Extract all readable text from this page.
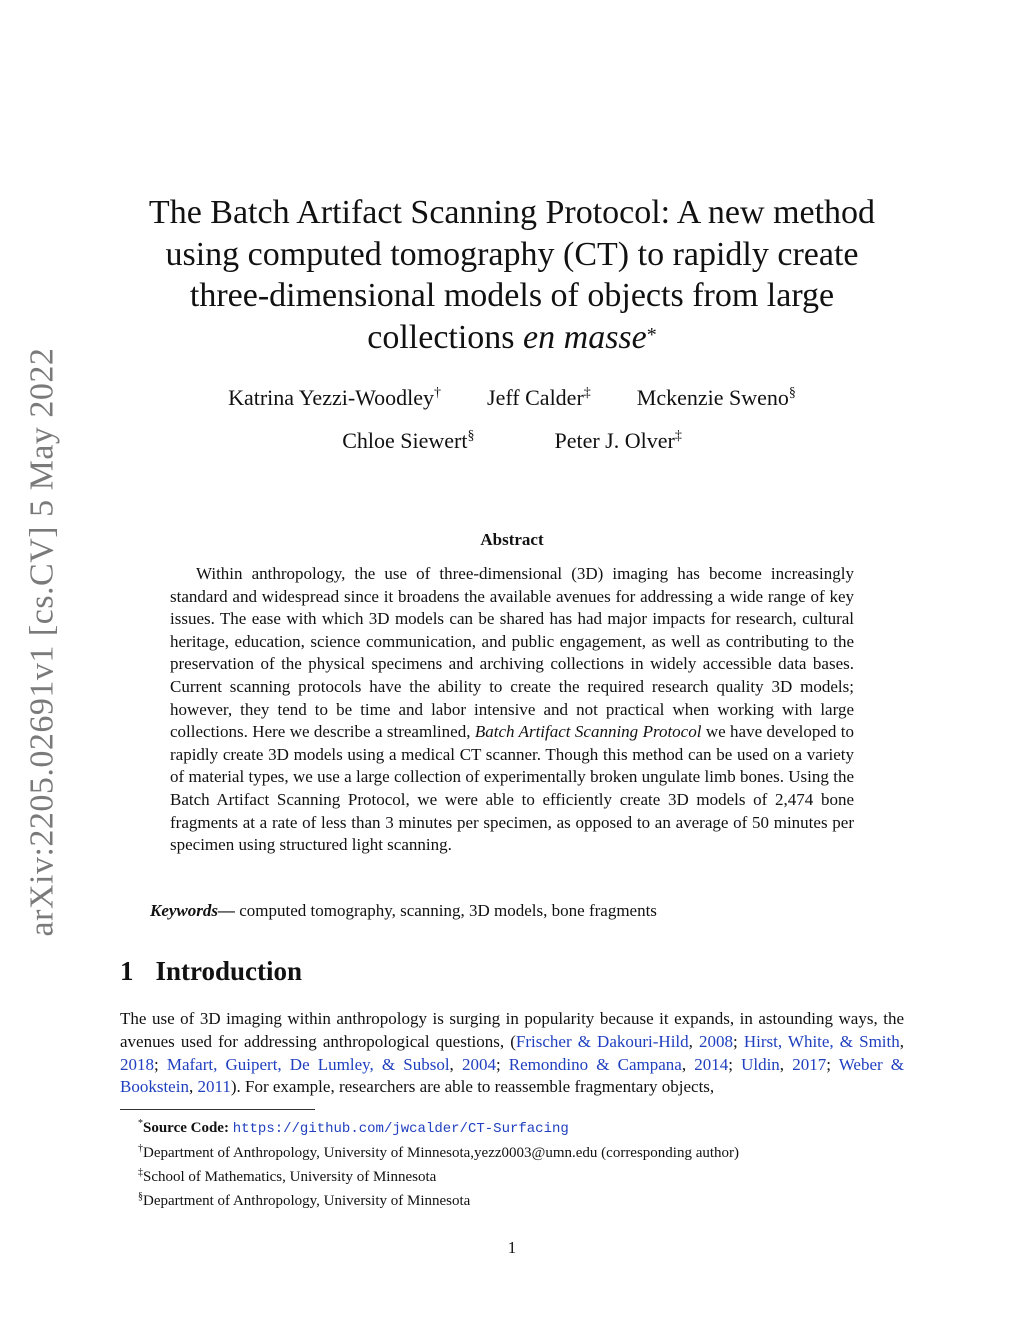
arXiv:2205.02691v1 [cs.CV] 5 May 2022
The Batch Artifact Scanning Protocol: A new method
using computed tomography (CT) to rapidly create
three-dimensional models of objects from large
collections en masse*
Katrina Yezzi-Woodley† Jeff Calder‡ Mckenzie Sweno§
Chloe Siewert§	Peter J. Olver‡
Abstract

Within anthropology, the use of three-dimensional (3D) imaging has become increasingly standard and widespread since it broadens the available avenues for addressing a wide range of key issues. The ease with which 3D models can be shared has had major impacts for research, cultural heritage, education, science communication, and public engagement, as well as contributing to the preservation of the physical specimens and archiving collections in widely accessible data bases. Current scanning protocols have the ability to create the required research quality 3D models; however, they tend to be time and labor intensive and not practical when working with large collections. Here we describe a streamlined, Batch Artifact Scanning Protocol we have developed to rapidly create 3D models using a medical CT scanner. Though this method can be used on a variety of material types, we use a large collection of experimentally broken ungulate limb bones. Using the Batch Artifact Scanning Protocol, we were able to efficiently create 3D models of 2,474 bone fragments at a rate of less than 3 minutes per specimen, as opposed to an average of 50 minutes per specimen using structured light scanning.

Keywords— computed tomography, scanning, 3D models, bone fragments
1 Introduction

The use of 3D imaging within anthropology is surging in popularity because it expands, in astounding ways, the avenues used for addressing anthropological questions, (Frischer & Dakouri-Hild, 2008; Hirst, White, & Smith, 2018; Mafart, Guipert, De Lumley, & Subsol, 2004; Remondino & Campana, 2014; Uldin, 2017; Weber & Bookstein, 2011). For example, researchers are able to reassemble fragmentary objects,

*Source Code: https://github.com/jwcalder/CT-Surfacing
†Department of Anthropology, University of Minnesota,yezz0003@umn.edu (corresponding author)
‡School of Mathematics, University of Minnesota
§Department of Anthropology, University of Minnesota
1
